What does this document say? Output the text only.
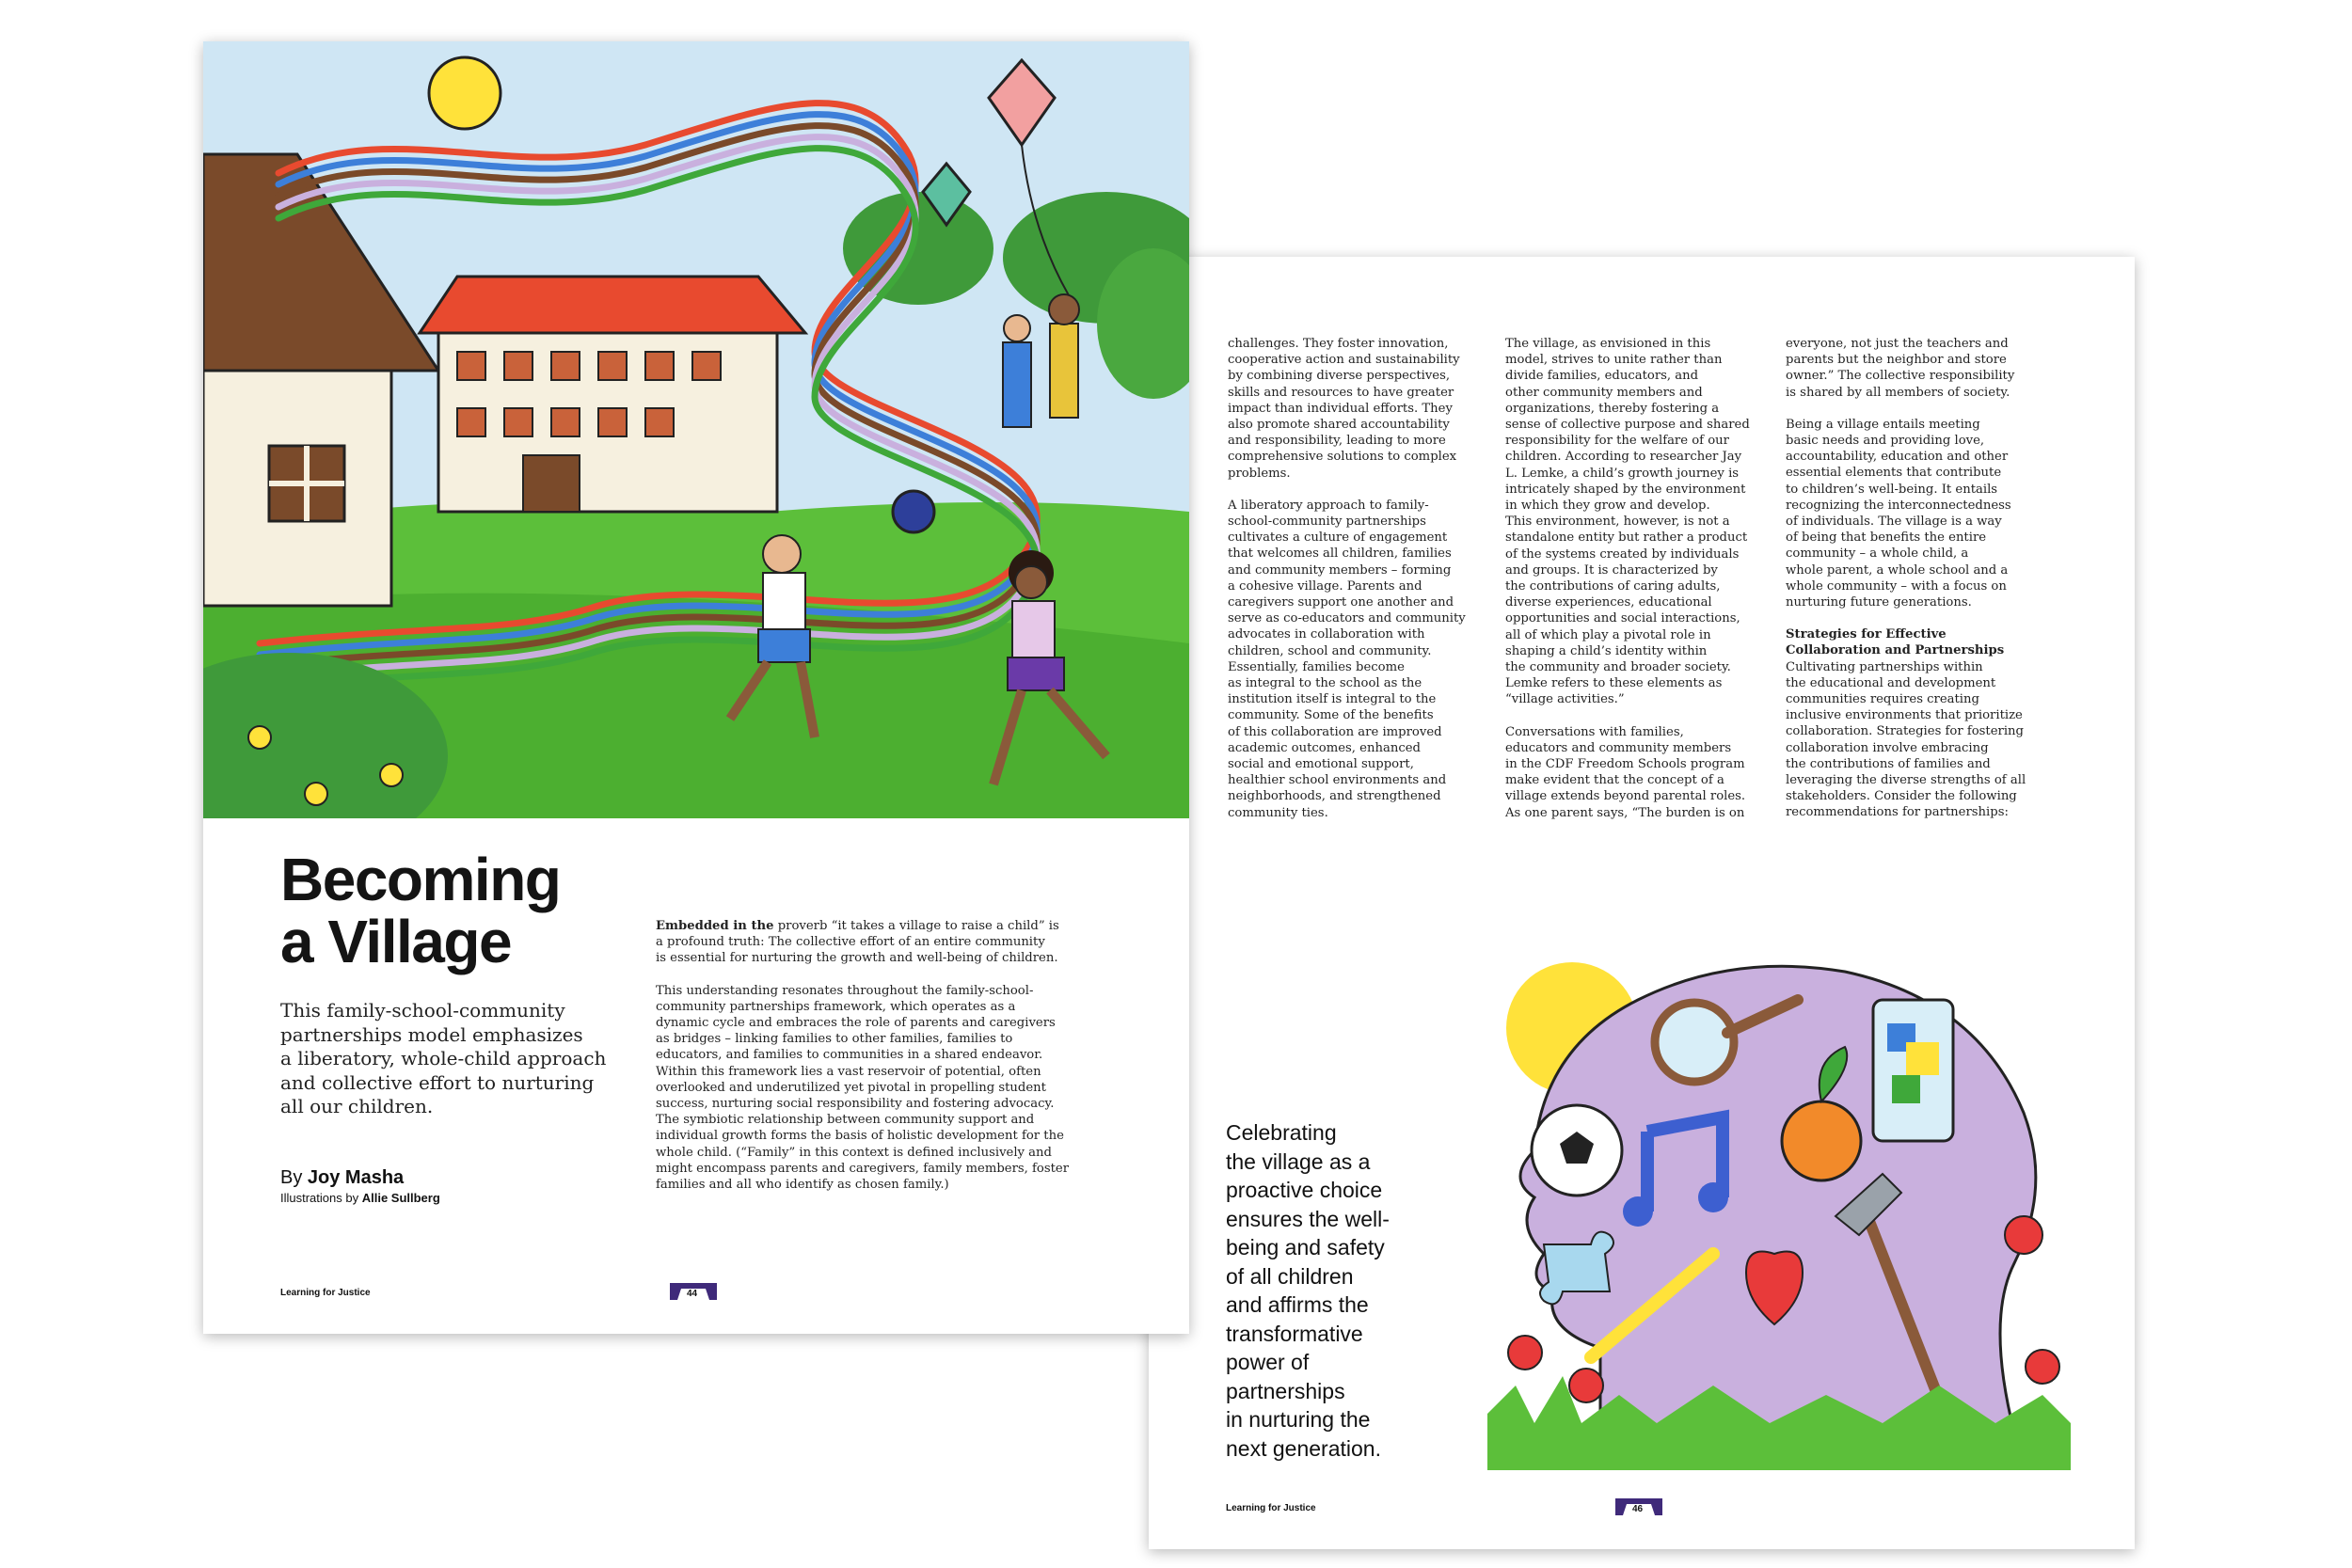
Becoming
a Village
This family-school-community
partnerships model emphasizes
a liberatory, whole-child approach
and collective effort to nurturing
all our children.
By Joy Masha
Illustrations by Allie Sullberg
Embedded in the proverb “it takes a village to raise a child” is
a profound truth: The collective effort of an entire community
is essential for nurturing the growth and well-being of children.
This understanding resonates throughout the family-school-
community partnerships framework, which operates as a
dynamic cycle and embraces the role of parents and caregivers
as bridges – linking families to other families, families to
educators, and families to communities in a shared endeavor.
Within this framework lies a vast reservoir of potential, often
overlooked and underutilized yet pivotal in propelling student
success, nurturing social responsibility and fostering advocacy.
The symbiotic relationship between community support and
individual growth forms the basis of holistic development for the
whole child. (“Family” in this context is defined inclusively and
might encompass parents and caregivers, family members, foster
families and all who identify as chosen family.)
Learning for Justice	44
challenges. They foster innovation,
cooperative action and sustainability
by combining diverse perspectives,
skills and resources to have greater
impact than individual efforts. They
also promote shared accountability
and responsibility, leading to more
comprehensive solutions to complex
problems.
A liberatory approach to family-
school-community partnerships
cultivates a culture of engagement
that welcomes all children, families
and community members – forming
a cohesive village. Parents and
caregivers support one another and
serve as co-educators and community
advocates in collaboration with
children, school and community.
Essentially, families become
as integral to the school as the
institution itself is integral to the
community. Some of the benefits
of this collaboration are improved
academic outcomes, enhanced
social and emotional support,
healthier school environments and
neighborhoods, and strengthened
community ties.
The village, as envisioned in this
model, strives to unite rather than
divide families, educators, and
other community members and
organizations, thereby fostering a
sense of collective purpose and shared
responsibility for the welfare of our
children. According to researcher Jay
L. Lemke, a child’s growth journey is
intricately shaped by the environment
in which they grow and develop.
This environment, however, is not a
standalone entity but rather a product
of the systems created by individuals
and groups. It is characterized by
the contributions of caring adults,
diverse experiences, educational
opportunities and social interactions,
all of which play a pivotal role in
shaping a child’s identity within
the community and broader society.
Lemke refers to these elements as
“village activities.”
Conversations with families,
educators and community members
in the CDF Freedom Schools program
make evident that the concept of a
village extends beyond parental roles.
As one parent says, “The burden is on
everyone, not just the teachers and
parents but the neighbor and store
owner.” The collective responsibility
is shared by all members of society.
Being a village entails meeting
basic needs and providing love,
accountability, education and other
essential elements that contribute
to children’s well-being. It entails
recognizing the interconnectedness
of individuals. The village is a way
of being that benefits the entire
community – a whole child, a
whole parent, a whole school and a
whole community – with a focus on
nurturing future generations.
Strategies for Effective
Collaboration and Partnerships
Cultivating partnerships within
the educational and development
communities requires creating
inclusive environments that prioritize
collaboration. Strategies for fostering
collaboration involve embracing
the contributions of families and
leveraging the diverse strengths of all
stakeholders. Consider the following
recommendations for partnerships:
Celebrating
the village as a
proactive choice
ensures the well-
being and safety
of all children
and affirms the
transformative
power of
partnerships
in nurturing the
next generation.
Learning for Justice	46
